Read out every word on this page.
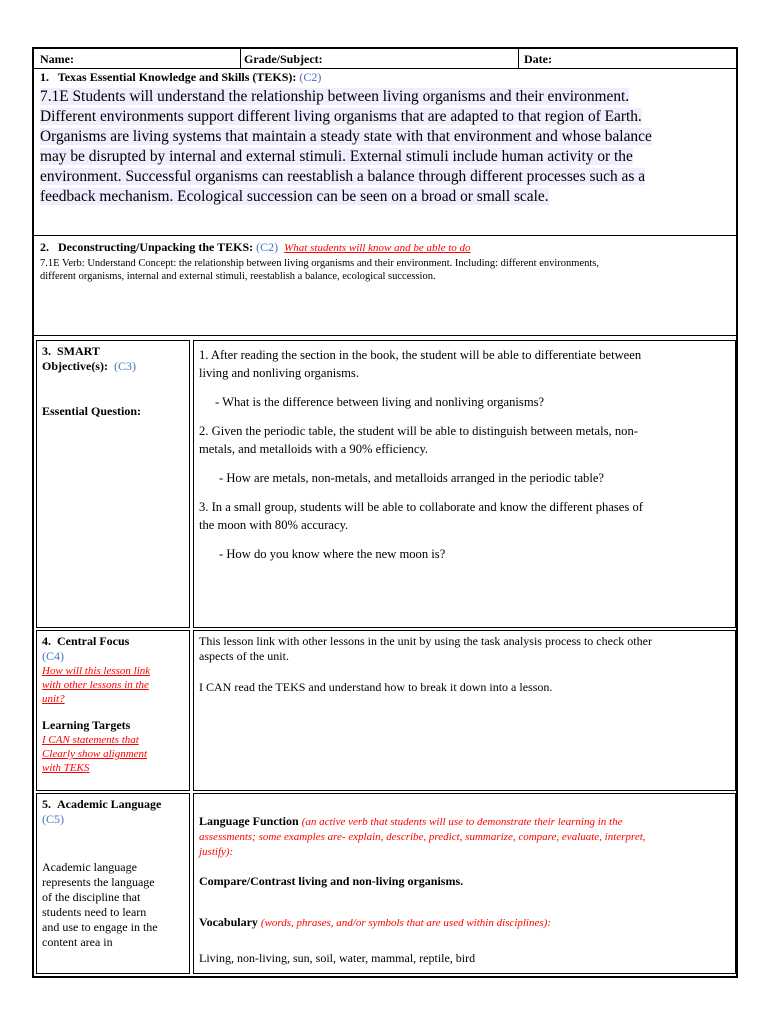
Name:	Grade/Subject:	Date:
1. Texas Essential Knowledge and Skills (TEKS): (C2)
7.1E Students will understand the relationship between living organisms and their environment.
Different environments support different living organisms that are adapted to that region of Earth.
Organisms are living systems that maintain a steady state with that environment and whose balance
may be disrupted by internal and external stimuli. External stimuli include human activity or the
environment. Successful organisms can reestablish a balance through different processes such as a
feedback mechanism. Ecological succession can be seen on a broad or small scale.
2. Deconstructing/Unpacking the TEKS: (C2) What students will know and be able to do
7.1E Verb: Understand Concept: the relationship between living organisms and their environment. Including: different environments,
different organisms, internal and external stimuli, reestablish a balance, ecological succession.
3. SMART
Objective(s): (C3)
Essential Question:
1. After reading the section in the book, the student will be able to differentiate between
living and nonliving organisms.
- What is the difference between living and nonliving organisms?
2. Given the periodic table, the student will be able to distinguish between metals, non-
metals, and metalloids with a 90% efficiency.
- How are metals, non-metals, and metalloids arranged in the periodic table?
3. In a small group, students will be able to collaborate and know the different phases of
the moon with 80% accuracy.
- How do you know where the new moon is?
4. Central Focus
(C4)
How will this lesson link
with other lessons in the
unit?
Learning Targets
I CAN statements that
Clearly show alignment
with TEKS
This lesson link with other lessons in the unit by using the task analysis process to check other
aspects of the unit.
I CAN read the TEKS and understand how to break it down into a lesson.
5. Academic Language
(C5)
Academic language
represents the language
of the discipline that
students need to learn
and use to engage in the
content area in
Language Function (an active verb that students will use to demonstrate their learning in the
assessments; some examples are- explain, describe, predict, summarize, compare, evaluate, interpret,
justify):
Compare/Contrast living and non-living organisms.
Vocabulary (words, phrases, and/or symbols that are used within disciplines):
Living, non-living, sun, soil, water, mammal, reptile, bird
